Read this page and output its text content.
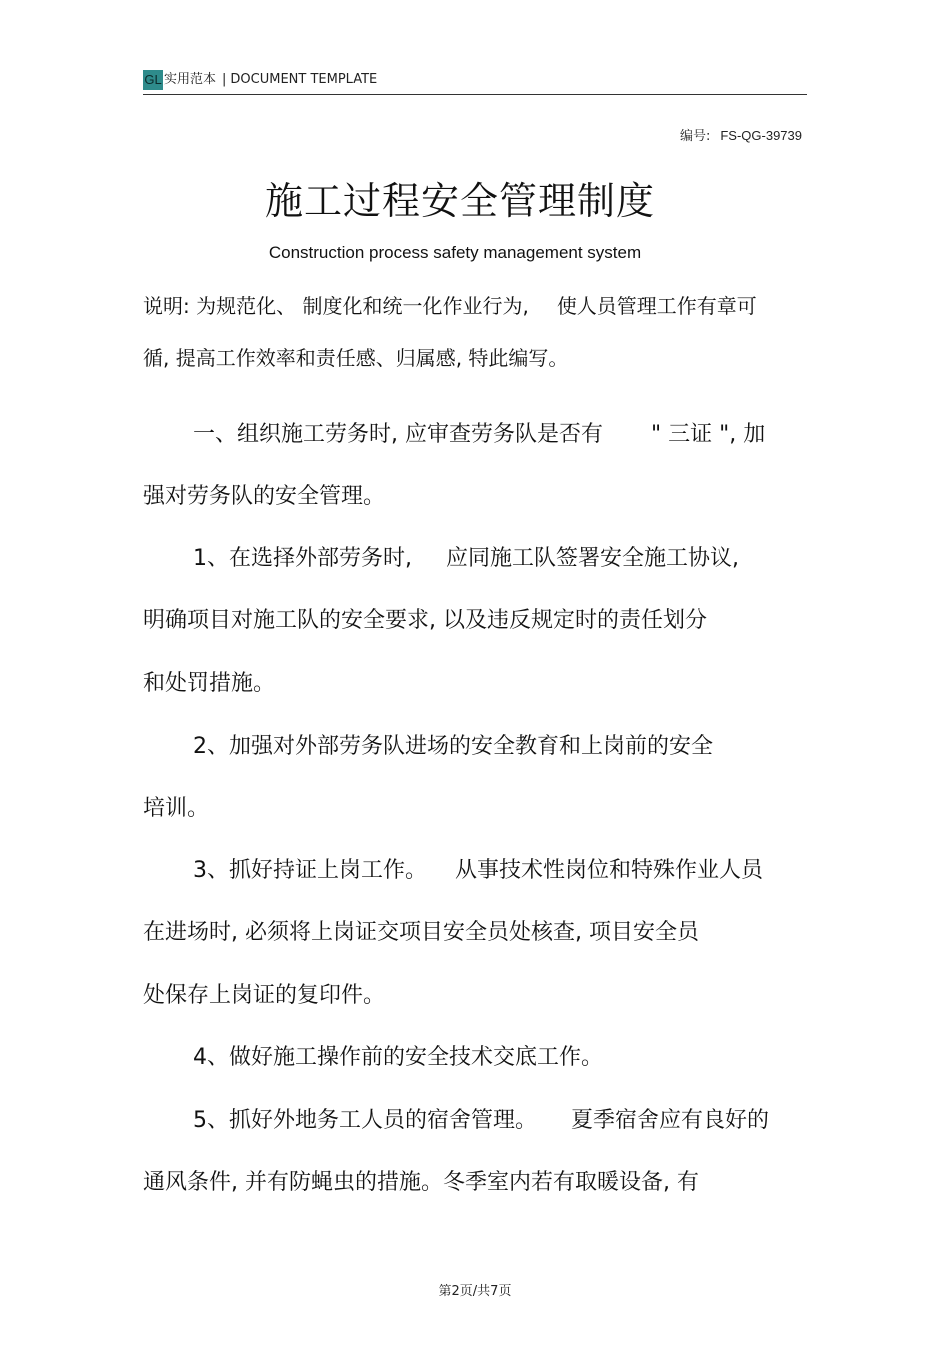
GL 实用范本 | DOCUMENT TEMPLATE
编号: FS-QG-39739
施工过程安全管理制度
Construction process safety management system
说明: 为规范化、 制度化和统一化作业行为, 使人员管理工作有章可
循, 提高工作效率和责任感、归属感, 特此编写。
一、组织施工劳务时, 应审查劳务队是否有 " 三证 ", 加
强对劳务队的安全管理。
1、在选择外部劳务时, 应同施工队签署安全施工协议,
明确项目对施工队的安全要求, 以及违反规定时的责任划分
和处罚措施。
2、加强对外部劳务队进场的安全教育和上岗前的安全
培训。
3、抓好持证上岗工作。 从事技术性岗位和特殊作业人员
在进场时, 必须将上岗证交项目安全员处核查, 项目安全员
处保存上岗证的复印件。
4、做好施工操作前的安全技术交底工作。
5、抓好外地务工人员的宿舍管理。 夏季宿舍应有良好的
通风条件, 并有防蝇虫的措施。冬季室内若有取暖设备, 有
第2页/共7页
